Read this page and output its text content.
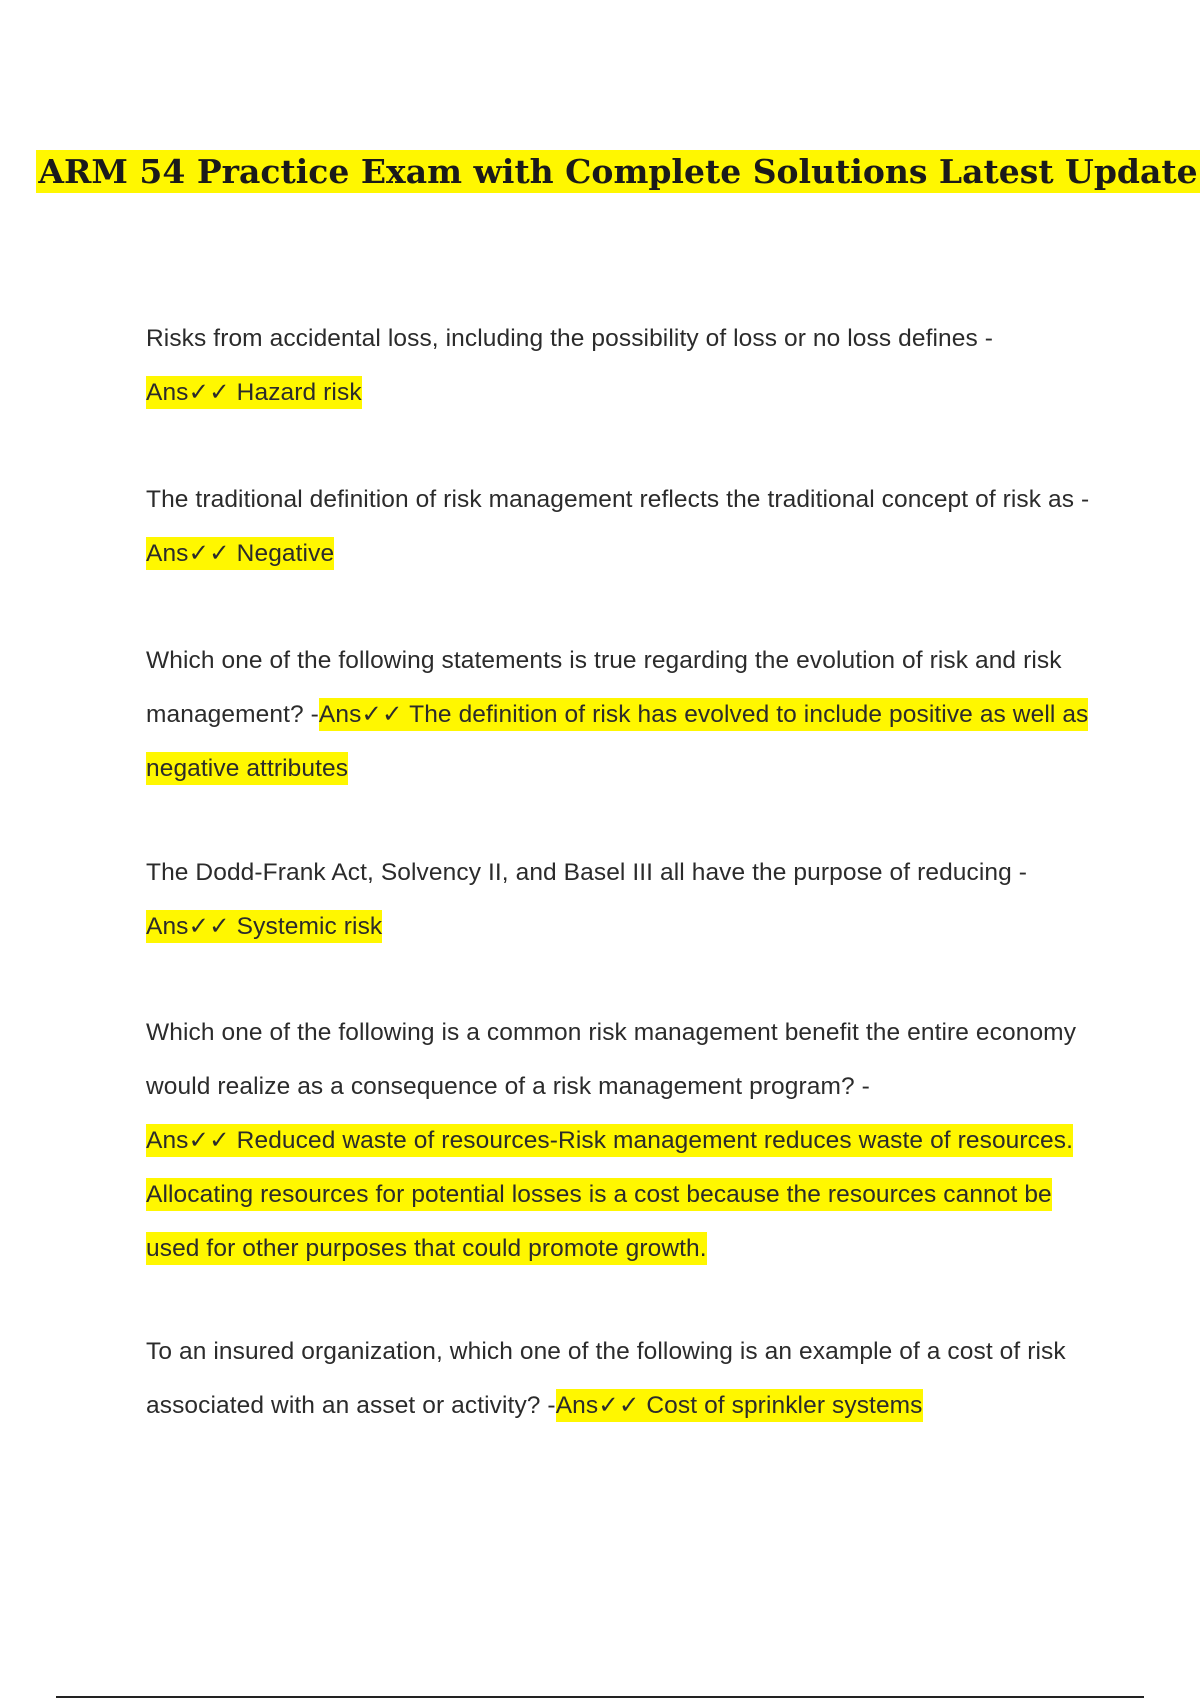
ARM 54 Practice Exam with Complete Solutions Latest Update
Risks from accidental loss, including the possibility of loss or no loss defines -
Ans✓✓ Hazard risk
The traditional definition of risk management reflects the traditional concept of risk as -Ans✓✓ Negative
Which one of the following statements is true regarding the evolution of risk and risk management? -Ans✓✓ The definition of risk has evolved to include positive as well as negative attributes
The Dodd-Frank Act, Solvency II, and Basel III all have the purpose of reducing -
Ans✓✓ Systemic risk
Which one of the following is a common risk management benefit the entire economy would realize as a consequence of a risk management program? -
Ans✓✓ Reduced waste of resources-Risk management reduces waste of resources. Allocating resources for potential losses is a cost because the resources cannot be used for other purposes that could promote growth.
To an insured organization, which one of the following is an example of a cost of risk associated with an asset or activity? -Ans✓✓ Cost of sprinkler systems
